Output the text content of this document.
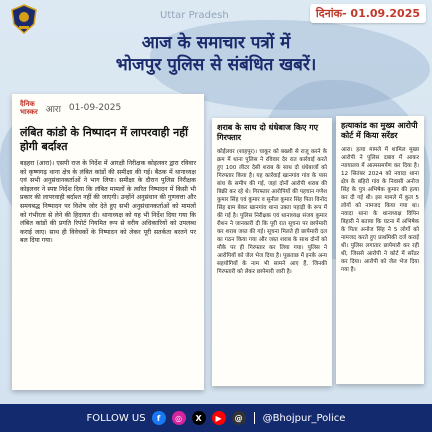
Uttar Pradesh	दिनांक- 01.09.2025
आज के समाचार पत्रों में
भोजपुर पुलिस से संबंधित खबरें।
दैनिक
भास्कर आरा 01-09-2025
लंबित कांडो के निष्पादन में लापरवाही नहीं होगी बर्दाश्त

बड़हरा (आरा)। एसपी राज के निर्देश में आरक्षी निरीक्षक कोइलवर द्वारा रविवार को कृष्णगढ़ थाना क्षेत्र के लंबित कांडों की समीक्षा की गई। बैठक में थानाध्यक्ष एवं सभी अनुसंधानकर्ताओं ने भाग लिया। समीक्षा के दौरान पुलिस निरीक्षक कोइलवर ने स्पष्ट निर्देश दिया कि लंबित मामलों के त्वरित निष्पादन में किसी भी प्रकार की लापरवाही बर्दाश्त नहीं की जाएगी। उन्होंने अनुसंधान की गुणवत्ता और समयबद्ध निष्पादन पर विशेष जोर देते हुए सभी अनुसंधानकर्ताओं को मामलों को गंभीरता से लेने की हिदायत दी। थानाध्यक्ष को यह भी निर्देश दिया गया कि लंबित कांडों की प्रगति रिपोर्ट नियमित रूप से वरीय अधिकारियों को उपलब्ध कराई जाए। साथ ही विवेचकों के निष्पादन को लेकर पूरी सतर्कता बरतने पर बल दिया गया।

शराब के साथ दो धंधेबाज किए गए गिरफ्तार

कोईलवर (शाहपुर)। चाकूर को बख्शी से राजू करने के क्रम में थाना पुलिस ने रविवार देर रात कार्रवाई करते हुए 100 लीटर देसी शराब के साथ दो धंधेबाजों को गिरफ्तार किया है। यह कार्रवाई खानगांव गांव के पास बांध के समीप की गई, जहां दोनों आरोपी शराब की बिक्री कर रहे थे। गिरफ्तार आरोपियों की पहचान गणेश कुमार सिंह एवं कुमार व सुनील कुमार सिंह पिता विनोद सिंह ग्राम बेकर खानगांव थाना उक्ता पहाड़ी के रूप में की गई है। पुलिस निरीक्षक एवं थानाध्यक्ष संजय कुमार रौशन ने जानकारी दी कि पूरी रात सूचना पर छापेमारी कर शराब जब्त की गई। सूचना मिलते ही छापेमारी दल का गठन किया गया और जब्त शराब के साथ दोनों को मौके पर ही गिरफ्तार कर लिया गया। पुलिस ने आरोपियों को जेल भेज दिया है। पूछताछ में इनके अन्य सहयोगियों के नाम भी सामने आए हैं, जिनकी गिरफ्तारी को लेकर छापेमारी जारी है।

हत्याकांड का मुख्य आरोपी कोर्ट में किया सरेंडर

आरा। हत्या मामले में शामिल मुख्य आरोपी ने पुलिस दबाव में आकर न्यायालय में आत्मसमर्पण कर दिया है। 12 सितंबर 2024 को नवादा थाना क्षेत्र के बहिरो गांव के निवासी अनोज सिंह के पुत्र अभिषेक कुमार की हत्या कर दी गई थी। इस मामले में कुल 5 लोगों को नामजद किया गया था। नवादा थाना के थानाध्यक्ष विपिन बिहारी ने बताया कि घटना में अभिषेक के पिता अनोज सिंह ने 5 लोगों को नामजद करते हुए प्राथमिकी दर्ज कराई थी। पुलिस लगातार छापेमारी कर रही थी, जिससे आरोपी ने कोर्ट में सरेंडर कर दिया। आरोपी को जेल भेज दिया गया है।

FOLLOW US	f	◎	X	▶	@	@Bhojpur_Police
